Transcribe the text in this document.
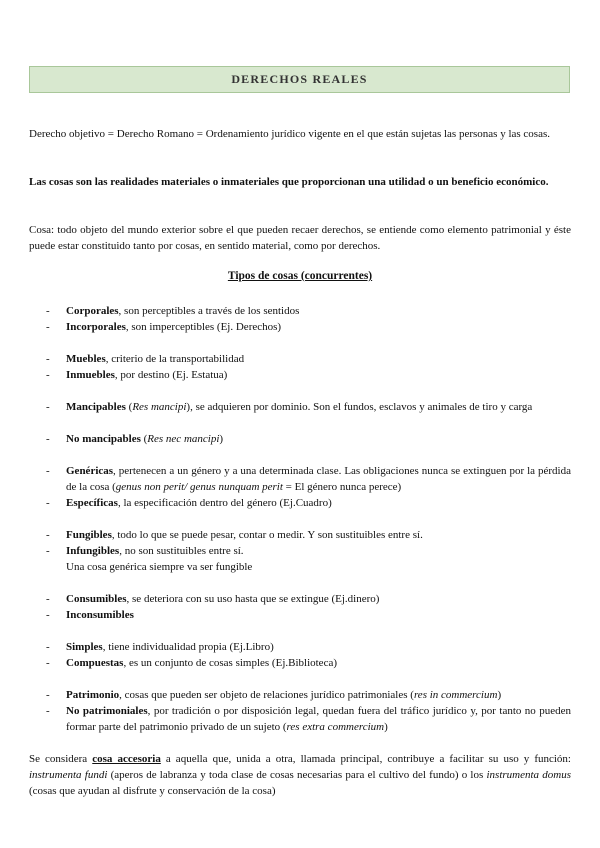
DERECHOS REALES
Derecho objetivo = Derecho Romano = Ordenamiento jurídico vigente en el que están sujetas las personas y las cosas.
Las cosas son las realidades materiales o inmateriales que proporcionan una utilidad o un beneficio económico.
Cosa: todo objeto del mundo exterior sobre el que pueden recaer derechos, se entiende como elemento patrimonial y éste puede estar constituido tanto por cosas, en sentido material, como por derechos.
Tipos de cosas (concurrentes)
- Corporales, son perceptibles a través de los sentidos
- Incorporales, son imperceptibles (Ej. Derechos)
- Muebles, criterio de la transportabilidad
- Inmuebles, por destino (Ej. Estatua)
- Mancipables (Res mancipi), se adquieren por dominio. Son el fundos, esclavos y animales de tiro y carga
- No mancipables (Res nec mancipi)
- Genéricas, pertenecen a un género y a una determinada clase. Las obligaciones nunca se extinguen por la pérdida de la cosa (genus non perit/ genus nunquam perit = El género nunca perece)
- Específicas, la especificación dentro del género (Ej.Cuadro)
- Fungibles, todo lo que se puede pesar, contar o medir. Y son sustituibles entre sí.
- Infungibles, no son sustituibles entre sí.
Una cosa genérica siempre va ser fungible
- Consumibles, se deteriora con su uso hasta que se extingue (Ej.dinero)
- Inconsumibles
- Simples, tiene individualidad propia (Ej.Libro)
- Compuestas, es un conjunto de cosas simples (Ej.Biblioteca)
- Patrimonio, cosas que pueden ser objeto de relaciones jurídico patrimoniales (res in commercium)
- No patrimoniales, por tradición o por disposición legal, quedan fuera del tráfico jurídico y, por tanto no pueden formar parte del patrimonio privado de un sujeto (res extra commercium)
Se considera cosa accesoria a aquella que, unida a otra, llamada principal, contribuye a facilitar su uso y función: instrumenta fundi (aperos de labranza y toda clase de cosas necesarias para el cultivo del fundo) o los instrumenta domus (cosas que ayudan al disfrute y conservación de la cosa)
